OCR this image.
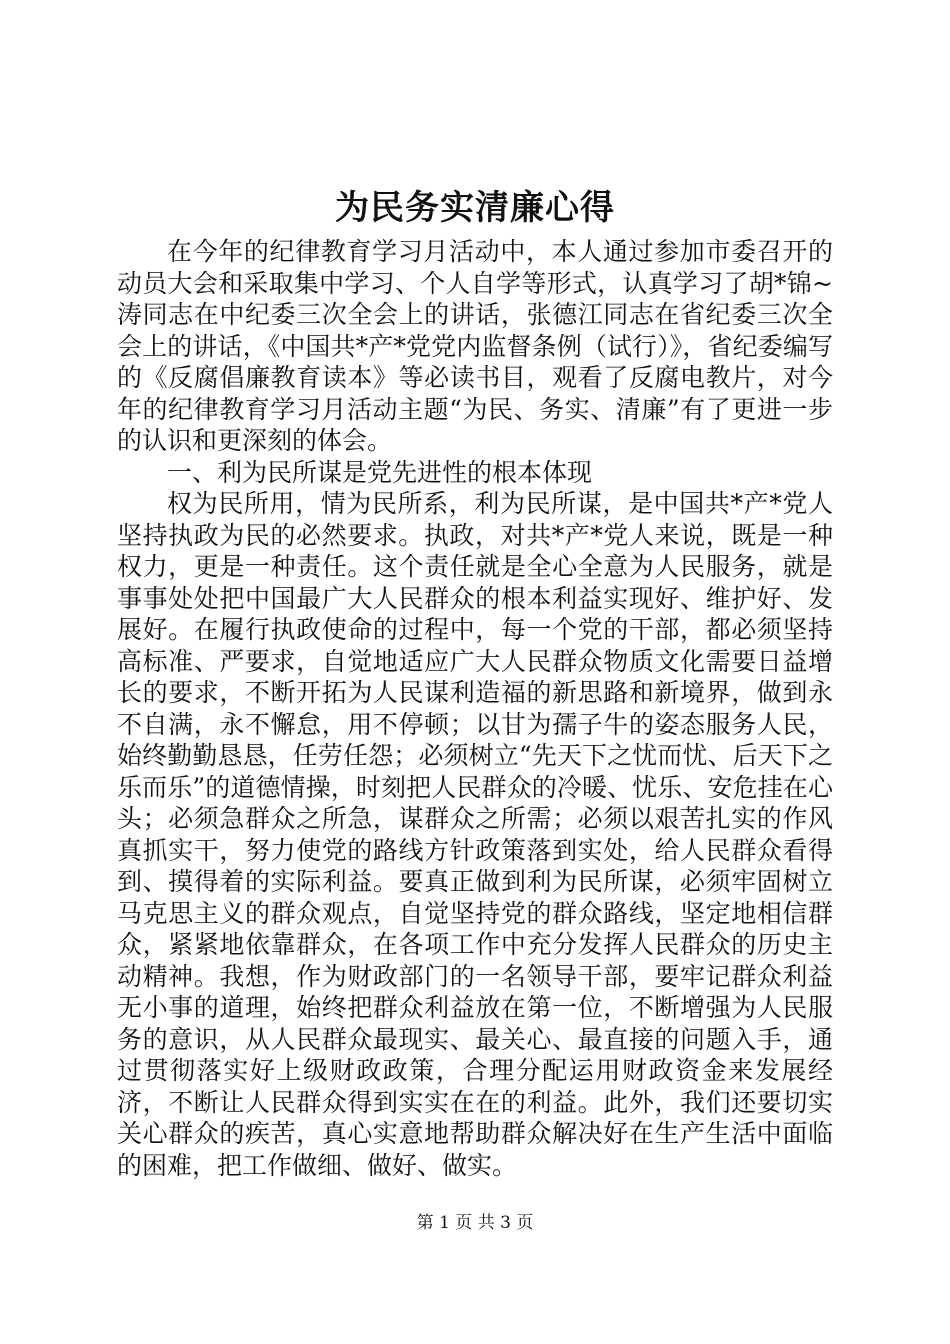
为民务实清廉心得

在今年的纪律教育学习月活动中，本人通过参加市委召开的动员大会和采取集中学习、个人自学等形式，认真学习了胡*锦~涛同志在中纪委三次全会上的讲话，张德江同志在省纪委三次全会上的讲话，《中国共*产*党党内监督条例（试行）》，省纪委编写的《反腐倡廉教育读本》等必读书目，观看了反腐电教片，对今年的纪律教育学习月活动主题“为民、务实、清廉”有了更进一步的认识和更深刻的体会。

一、利为民所谋是党先进性的根本体现

权为民所用，情为民所系，利为民所谋，是中国共*产*党人坚持执政为民的必然要求。执政，对共*产*党人来说，既是一种权力，更是一种责任。这个责任就是全心全意为人民服务，就是事事处处把中国最广大人民群众的根本利益实现好、维护好、发展好。在履行执政使命的过程中，每一个党的干部，都必须坚持高标准、严要求，自觉地适应广大人民群众物质文化需要日益增长的要求，不断开拓为人民谋利造福的新思路和新境界，做到永不自满，永不懈怠，用不停顿；以甘为孺子牛的姿态服务人民，始终勤勤恳恳，任劳任怨；必须树立“先天下之忧而忧、后天下之乐而乐”的道德情操，时刻把人民群众的冷暖、忧乐、安危挂在心头；必须急群众之所急，谋群众之所需；必须以艰苦扎实的作风真抓实干，努力使党的路线方针政策落到实处，给人民群众看得到、摸得着的实际利益。要真正做到利为民所谋，必须牢固树立马克思主义的群众观点，自觉坚持党的群众路线，坚定地相信群众，紧紧地依靠群众，在各项工作中充分发挥人民群众的历史主动精神。我想，作为财政部门的一名领导干部，要牢记群众利益无小事的道理，始终把群众利益放在第一位，不断增强为人民服务的意识，从人民群众最现实、最关心、最直接的问题入手，通过贯彻落实好上级财政政策，合理分配运用财政资金来发展经济，不断让人民群众得到实实在在的利益。此外，我们还要切实关心群众的疾苦，真心实意地帮助群众解决好在生产生活中面临的困难，把工作做细、做好、做实。

第 1 页 共 3 页
